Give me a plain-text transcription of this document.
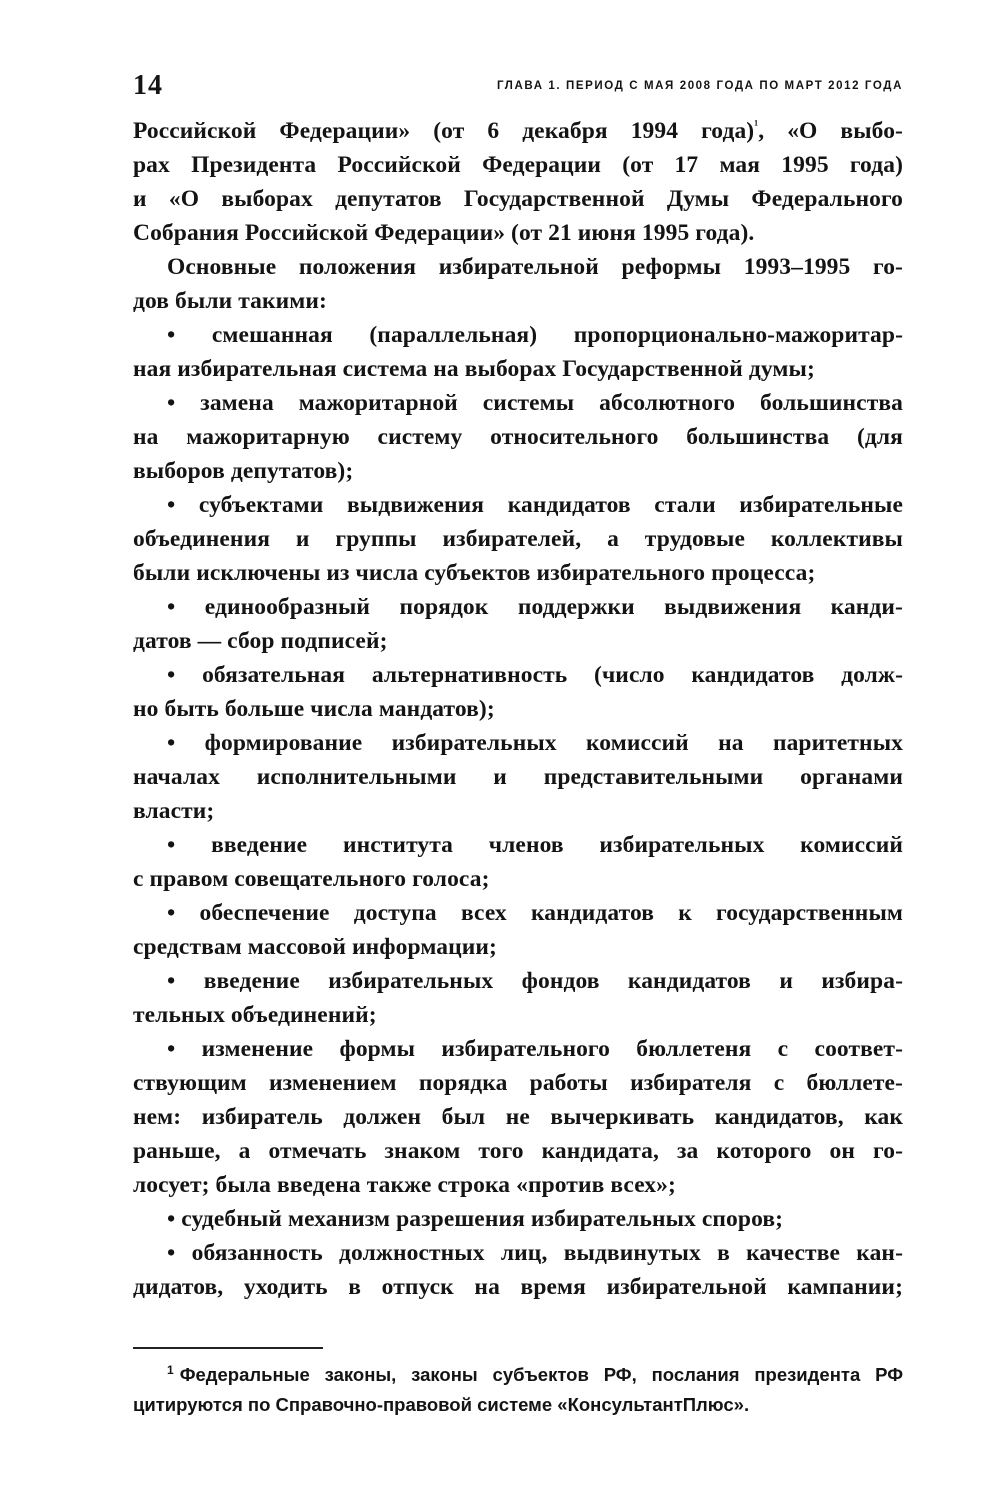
14	ГЛАВА 1. ПЕРИОД С МАЯ 2008 ГОДА ПО МАРТ 2012 ГОДА
Российской Федерации» (от 6 декабря 1994 года)$^{^1}$, «О выбо-
рах Президента Российской Федерации (от 17 мая 1995 года)
и «О выборах депутатов Государственной Думы Федерального
Собрания Российской Федерации» (от 21 июня 1995 года).
Основные положения избирательной реформы 1993–1995 го-
дов были такими:
• смешанная (параллельная) пропорционально-мажоритар-
ная избирательная система на выборах Государственной думы;
• замена мажоритарной системы абсолютного большинства
на мажоритарную систему относительного большинства (для
выборов депутатов);
• субъектами выдвижения кандидатов стали избирательные
объединения и группы избирателей, а трудовые коллективы
были исключены из числа субъектов избирательного процесса;
• единообразный порядок поддержки выдвижения канди-
датов — сбор подписей;
• обязательная альтернативность (число кандидатов долж-
но быть больше числа мандатов);
• формирование избирательных комиссий на паритетных
началах исполнительными и представительными органами
власти;
• введение института членов избирательных комиссий
с правом совещательного голоса;
• обеспечение доступа всех кандидатов к государственным
средствам массовой информации;
• введение избирательных фондов кандидатов и избира-
тельных объединений;
• изменение формы избирательного бюллетеня с соответ-
ствующим изменением порядка работы избирателя с бюллете-
нем: избиратель должен был не вычеркивать кандидатов, как
раньше, а отмечать знаком того кандидата, за которого он го-
лосует; была введена также строка «против всех»;
• судебный механизм разрешения избирательных споров;
• обязанность должностных лиц, выдвинутых в качестве кан-
дидатов, уходить в отпуск на время избирательной кампании;
$^1$ Федеральные законы, законы субъектов РФ, послания президента РФ
цитируются по Справочно-правовой системе «КонсультантПлюс».
